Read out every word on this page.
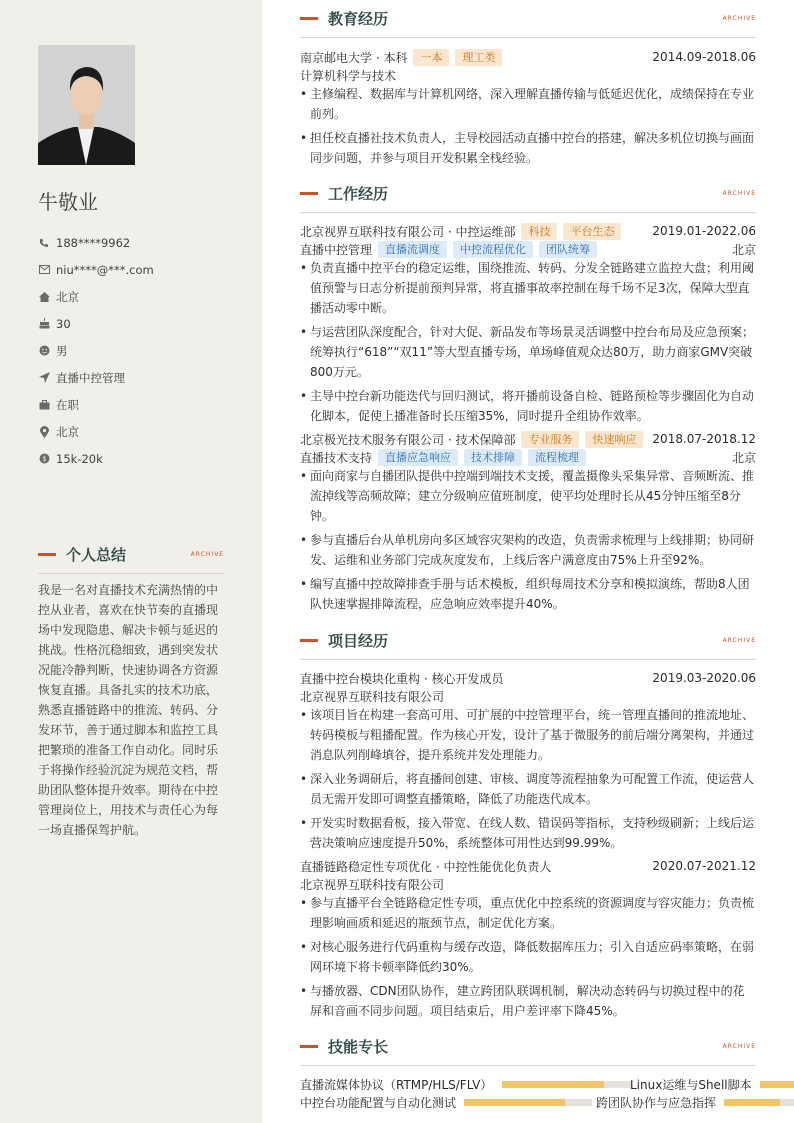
牛敬业
188****9962
niu****@***.com
北京
30
男
直播中控管理
在职
北京
$ 15k-20k
个人总结	ARCHIVE
我是一名对直播技术充满热情的中控从业者，喜欢在快节奏的直播现场中发现隐患、解决卡顿与延迟的挑战。性格沉稳细致，遇到突发状况能冷静判断，快速协调各方资源恢复直播。具备扎实的技术功底，熟悉直播链路中的推流、转码、分发环节，善于通过脚本和监控工具把繁琐的准备工作自动化。同时乐于将操作经验沉淀为规范文档，帮助团队整体提升效率。期待在中控管理岗位上，用技术与责任心为每一场直播保驾护航。
教育经历	ARCHIVE
南京邮电大学 · 本科	一本	理工类	2014.09-2018.06
计算机科学与技术
• 主修编程、数据库与计算机网络，深入理解直播传输与低延迟优化，成绩保持在专业前列。
• 担任校直播社技术负责人，主导校园活动直播中控台的搭建，解决多机位切换与画面同步问题，并参与项目开发积累全栈经验。
工作经历	ARCHIVE
北京视界互联科技有限公司 · 中控运维部	科技	平台生态	2019.01-2022.06
直播中控管理	直播流调度	中控流程优化	团队统筹	北京
• 负责直播中控平台的稳定运维，围绕推流、转码、分发全链路建立监控大盘；利用阈值预警与日志分析提前预判异常，将直播事故率控制在每千场不足3次，保障大型直播活动零中断。
• 与运营团队深度配合，针对大促、新品发布等场景灵活调整中控台布局及应急预案；统筹执行“618”“双11”等大型直播专场，单场峰值观众达80万，助力商家GMV突破800万元。
• 主导中控台新功能迭代与回归测试，将开播前设备自检、链路预检等步骤固化为自动化脚本，促使上播准备时长压缩35%，同时提升全组协作效率。
北京极光技术服务有限公司 · 技术保障部	专业服务	快速响应	2018.07-2018.12
直播技术支持	直播应急响应	技术排障	流程梳理	北京
• 面向商家与自播团队提供中控端到端技术支援，覆盖摄像头采集异常、音频断流、推流掉线等高频故障；建立分级响应值班制度，使平均处理时长从45分钟压缩至8分钟。
• 参与直播后台从单机房向多区域容灾架构的改造，负责需求梳理与上线排期；协同研发、运维和业务部门完成灰度发布，上线后客户满意度由75%上升至92%。
• 编写直播中控故障排查手册与话术模板，组织每周技术分享和模拟演练，帮助8人团队快速掌握排障流程，应急响应效率提升40%。
项目经历	ARCHIVE
直播中控台模块化重构 · 核心开发成员	2019.03-2020.06
北京视界互联科技有限公司
• 该项目旨在构建一套高可用、可扩展的中控管理平台，统一管理直播间的推流地址、转码模板与粗播配置。作为核心开发，设计了基于微服务的前后端分离架构，并通过消息队列削峰填谷，提升系统并发处理能力。
• 深入业务调研后，将直播间创建、审核、调度等流程抽象为可配置工作流，使运营人员无需开发即可调整直播策略，降低了功能迭代成本。
• 开发实时数据看板，接入带宽、在线人数、错误码等指标，支持秒级刷新；上线后运营决策响应速度提升50%，系统整体可用性达到99.99%。
直播链路稳定性专项优化 · 中控性能优化负责人	2020.07-2021.12
北京视界互联科技有限公司
• 参与直播平台全链路稳定性专项，重点优化中控系统的资源调度与容灾能力；负责梳理影响画质和延迟的瓶颈节点，制定优化方案。
• 对核心服务进行代码重构与缓存改造，降低数据库压力；引入自适应码率策略，在弱网环境下将卡顿率降低约30%。
• 与播放器、CDN团队协作，建立跨团队联调机制，解决动态转码与切换过程中的花屏和音画不同步问题。项目结束后，用户差评率下降45%。
技能专长	ARCHIVE
直播流媒体协议（RTMP/HLS/FLV）	Linux运维与Shell脚本
中控台功能配置与自动化测试	跨团队协作与应急指挥
